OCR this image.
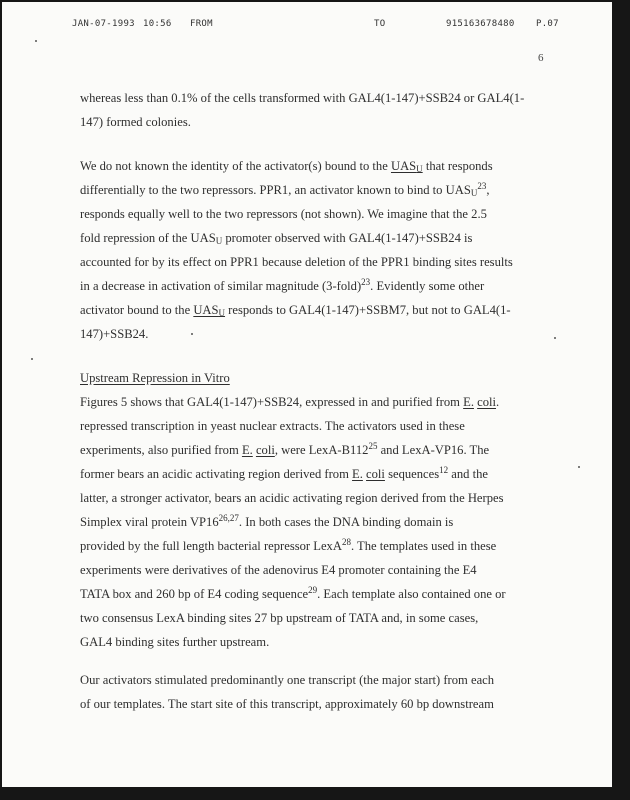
JAN-07-1993 10:56 FROM	TO	915163678480 P.07
6
whereas less than 0.1% of the cells transformed with GAL4(1-147)+SSB24 or GAL4(1-
147) formed colonies.
We do not known the identity of the activator(s) bound to the $UAS_U$ that responds
differentially to the two repressors. PPR1, an activator known to bind to $UAS_U^{23}$,
responds equally well to the two repressors (not shown). We imagine that the 2.5
fold repression of the $UAS_U$ promoter observed with GAL4(1-147)+SSB24 is
accounted for by its effect on PPR1 because deletion of the PPR1 binding sites results
in a decrease in activation of similar magnitude (3-fold)$^{23}$. Evidently some other
activator bound to the $UAS_U$ responds to GAL4(1-147)+SSBM7, but not to GAL4(1-
147)+SSB24.
Upstream Repression in Vitro
Figures 5 shows that GAL4(1-147)+SSB24, expressed in and purified from E. coli.
repressed transcription in yeast nuclear extracts. The activators used in these
experiments, also purified from E. coli, were LexA-$B112^{25}$ and LexA-VP16. The
former bears an acidic activating region derived from E. coli sequences$^{12}$ and the
latter, a stronger activator, bears an acidic activating region derived from the Herpes
Simplex viral protein VP16$^{26,27}$. In both cases the DNA binding domain is
provided by the full length bacterial repressor LexA$^{28}$. The templates used in these
experiments were derivatives of the adenovirus E4 promoter containing the E4
TATA box and 260 bp of E4 coding sequence$^{29}$. Each template also contained one or
two consensus LexA binding sites 27 bp upstream of TATA and, in some cases,
GAL4 binding sites further upstream.
Our activators stimulated predominantly one transcript (the major start) from each
of our templates. The start site of this transcript, approximately 60 bp downstream
